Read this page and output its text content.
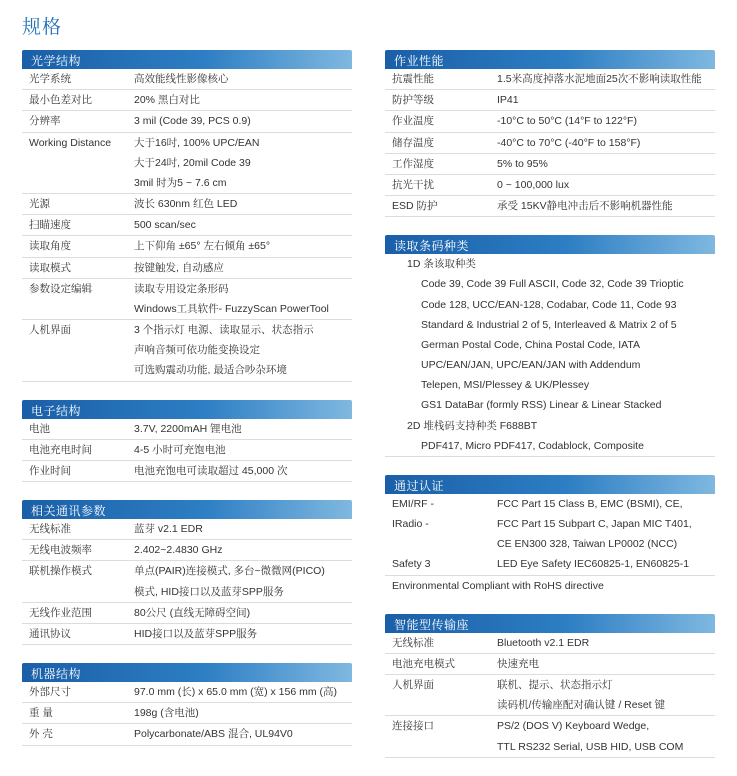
规格
光学结构
光学系统	高效能线性影像核心
最小色差对比	20% 黑白对比
分辨率	3 mil (Code 39, PCS 0.9)
Working Distance	大于16吋, 100% UPC/EAN
	大于24吋, 20mil Code 39
	3mil 时为5 ~ 7.6 cm
光源	波长 630nm 红色 LED
扫瞄速度	500 scan/sec
读取角度	上下仰角 ±65° 左右倾角 ±65°
读取模式	按键触发, 自动感应
参数设定编辑	读取专用设定条形码
	Windows工具软件- FuzzyScan PowerTool
人机界面	3 个指示灯 电源、读取显示、状态指示
	声响音频可依功能变换设定
	可选购震动功能, 最适合吵杂环境
电子结构
电池	3.7V, 2200mAH 锂电池
电池充电时间	4-5 小时可充饱电池
作业时间	电池充饱电可读取超过 45,000 次
相关通讯参数
无线标准	蓝芽 v2.1 EDR
无线电波频率	2.402~2.4830 GHz
联机操作模式	单点(PAIR)连接模式, 多台~微微网(PICO)
	模式, HID接口以及蓝芽SPP服务
无线作业范围	80公尺 (直线无障碍空间)
通讯协议	HID接口以及蓝芽SPP服务
机器结构
外部尺寸	97.0 mm (长) x 65.0 mm (宽) x 156 mm (高)
重 量	198g (含电池)
外 壳	Polycarbonate/ABS 混合, UL94V0
作业性能
抗震性能	1.5米高度掉落水泥地面25次不影响读取性能
防护等级	IP41
作业温度	-10°C to 50°C (14°F to 122°F)
储存温度	-40°C to 70°C (-40°F to 158°F)
工作湿度	5% to 95%
抗光干扰	0 ~ 100,000 lux
ESD 防护	承受 15KV静电冲击后不影响机器性能
读取条码种类
1D 条该取种类
Code 39, Code 39 Full ASCII, Code 32, Code 39 Trioptic
Code 128, UCC/EAN-128, Codabar, Code 11, Code 93
Standard & Industrial 2 of 5, Interleaved & Matrix 2 of 5
German Postal Code, China Postal Code, IATA
UPC/EAN/JAN, UPC/EAN/JAN with Addendum
Telepen, MSI/Plessey & UK/Plessey
GS1 DataBar (formly RSS) Linear & Linear Stacked
2D 堆栈码支持种类 F688BT
PDF417, Micro PDF417, Codablock, Composite
通过认证
EMI/RF -	FCC Part 15 Class B, EMC (BSMI), CE,
IRadio -	FCC Part 15 Subpart C, Japan MIC T401,
	CE EN300 328, Taiwan LP0002 (NCC)
Safety 3	LED Eye Safety IEC60825-1, EN60825-1
Environmental Compliant with RoHS directive	
智能型传输座
无线标准	Bluetooth v2.1 EDR
电池充电模式	快速充电
人机界面	联机、提示、状态指示灯
	读码机/传输座配对确认键 / Reset 键
连接接口	PS/2 (DOS V) Keyboard Wedge,
	TTL RS232 Serial, USB HID, USB COM
